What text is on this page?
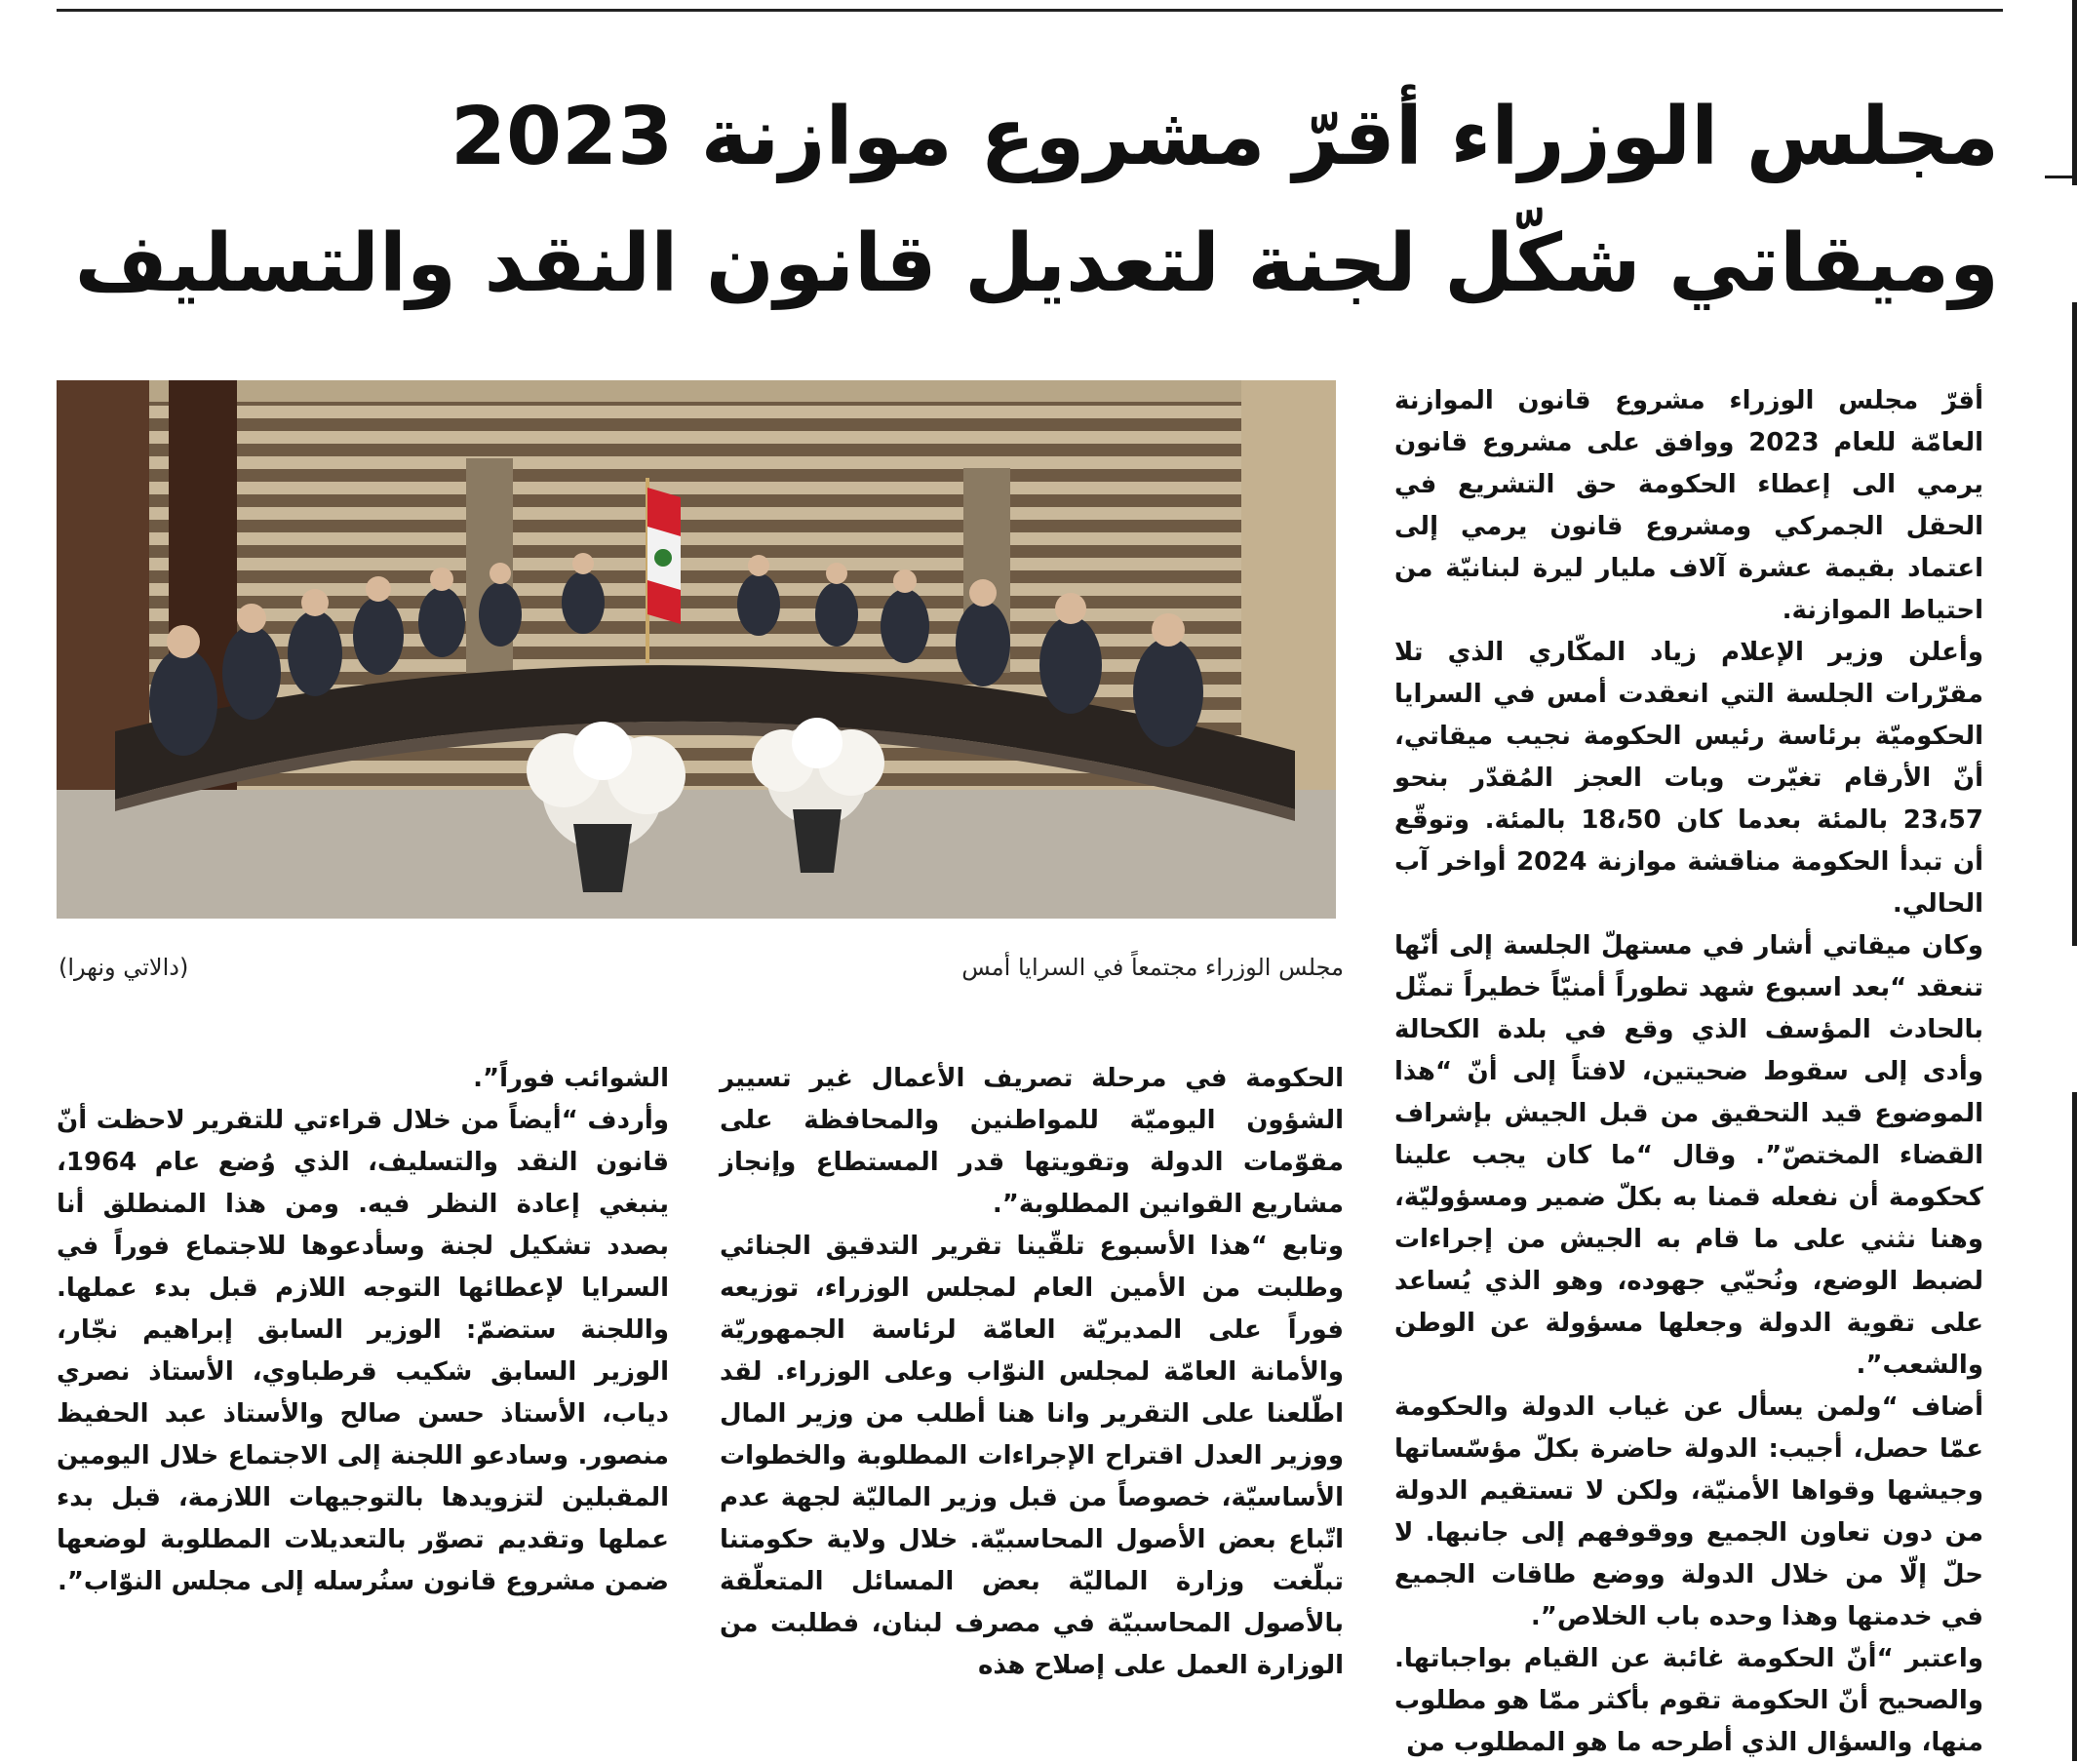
مجلس الوزراء أقرّ مشروع موازنة 2023
وميقاتي شكّل لجنة لتعديل قانون النقد والتسليف

أقرّ مجلس الوزراء مشروع قانون الموازنة العامّة للعام 2023 ووافق على مشروع قانون يرمي الى إعطاء الحكومة حق التشريع في الحقل الجمركي ومشروع قانون يرمي إلى اعتماد بقيمة عشرة آلاف مليار ليرة لبنانيّة من احتياط الموازنة.

وأعلن وزير الإعلام زياد المكّاري الذي تلا مقرّرات الجلسة التي انعقدت أمس في السرايا الحكوميّة برئاسة رئيس الحكومة نجيب ميقاتي، أنّ الأرقام تغيّرت وبات العجز المُقدّر بنحو 23،57 بالمئة بعدما كان 18،50 بالمئة. وتوقّع أن تبدأ الحكومة مناقشة موازنة 2024 أواخر آب الحالي.

وكان ميقاتي أشار في مستهلّ الجلسة إلى أنّها تنعقد “بعد اسبوع شهد تطوراً أمنيّاً خطيراً تمثّل بالحادث المؤسف الذي وقع في بلدة الكحالة وأدى إلى سقوط ضحيتين، لافتاً إلى أنّ “هذا الموضوع قيد التحقيق من قبل الجيش بإشراف القضاء المختصّ”. وقال “ما كان يجب علينا كحكومة أن نفعله قمنا به بكلّ ضمير ومسؤوليّة، وهنا نثني على ما قام به الجيش من إجراءات لضبط الوضع، ونُحيّي جهوده، وهو الذي يُساعد على تقوية الدولة وجعلها مسؤولة عن الوطن والشعب”.

أضاف “ولمن يسأل عن غياب الدولة والحكومة عمّا حصل، أجيب: الدولة حاضرة بكلّ مؤسّساتها وجيشها وقواها الأمنيّة، ولكن لا تستقيم الدولة من دون تعاون الجميع ووقوفهم إلى جانبها. لا حلّ إلّا من خلال الدولة ووضع طاقات الجميع في خدمتها وهذا وحده باب الخلاص”.

واعتبر “أنّ الحكومة غائبة عن القيام بواجباتها. والصحيح أنّ الحكومة تقوم بأكثر ممّا هو مطلوب منها، والسؤال الذي أطرحه ما هو المطلوب من

مجلس الوزراء مجتمعاً في السرايا أمس

(دالاتي ونهرا)

الحكومة في مرحلة تصريف الأعمال غير تسيير الشؤون اليوميّة للمواطنين والمحافظة على مقوّمات الدولة وتقويتها قدر المستطاع وإنجاز مشاريع القوانين المطلوبة”.

وتابع “هذا الأسبوع تلقّينا تقرير التدقيق الجنائي وطلبت من الأمين العام لمجلس الوزراء، توزيعه فوراً على المديريّة العامّة لرئاسة الجمهوريّة والأمانة العامّة لمجلس النوّاب وعلى الوزراء. لقد اطّلعنا على التقرير وانا هنا أطلب من وزير المال ووزير العدل اقتراح الإجراءات المطلوبة والخطوات الأساسيّة، خصوصاً من قبل وزير الماليّة لجهة عدم اتّباع بعض الأصول المحاسبيّة. خلال ولاية حكومتنا تبلّغت وزارة الماليّة بعض المسائل المتعلّقة بالأصول المحاسبيّة في مصرف لبنان، فطلبت من الوزارة العمل على إصلاح هذه

الشوائب فوراً”.

وأردف “أيضاً من خلال قراءتي للتقرير لاحظت أنّ قانون النقد والتسليف، الذي وُضع عام 1964، ينبغي إعادة النظر فيه. ومن هذا المنطلق أنا بصدد تشكيل لجنة وسأدعوها للاجتماع فوراً في السرايا لإعطائها التوجه اللازم قبل بدء عملها. واللجنة ستضمّ: الوزير السابق إبراهيم نجّار، الوزير السابق شكيب قرطباوي، الأستاذ نصري دياب، الأستاذ حسن صالح والأستاذ عبد الحفيظ منصور. وسادعو اللجنة إلى الاجتماع خلال اليومين المقبلين لتزويدها بالتوجيهات اللازمة، قبل بدء عملها وتقديم تصوّر بالتعديلات المطلوبة لوضعها ضمن مشروع قانون سنُرسله إلى مجلس النوّاب”.
